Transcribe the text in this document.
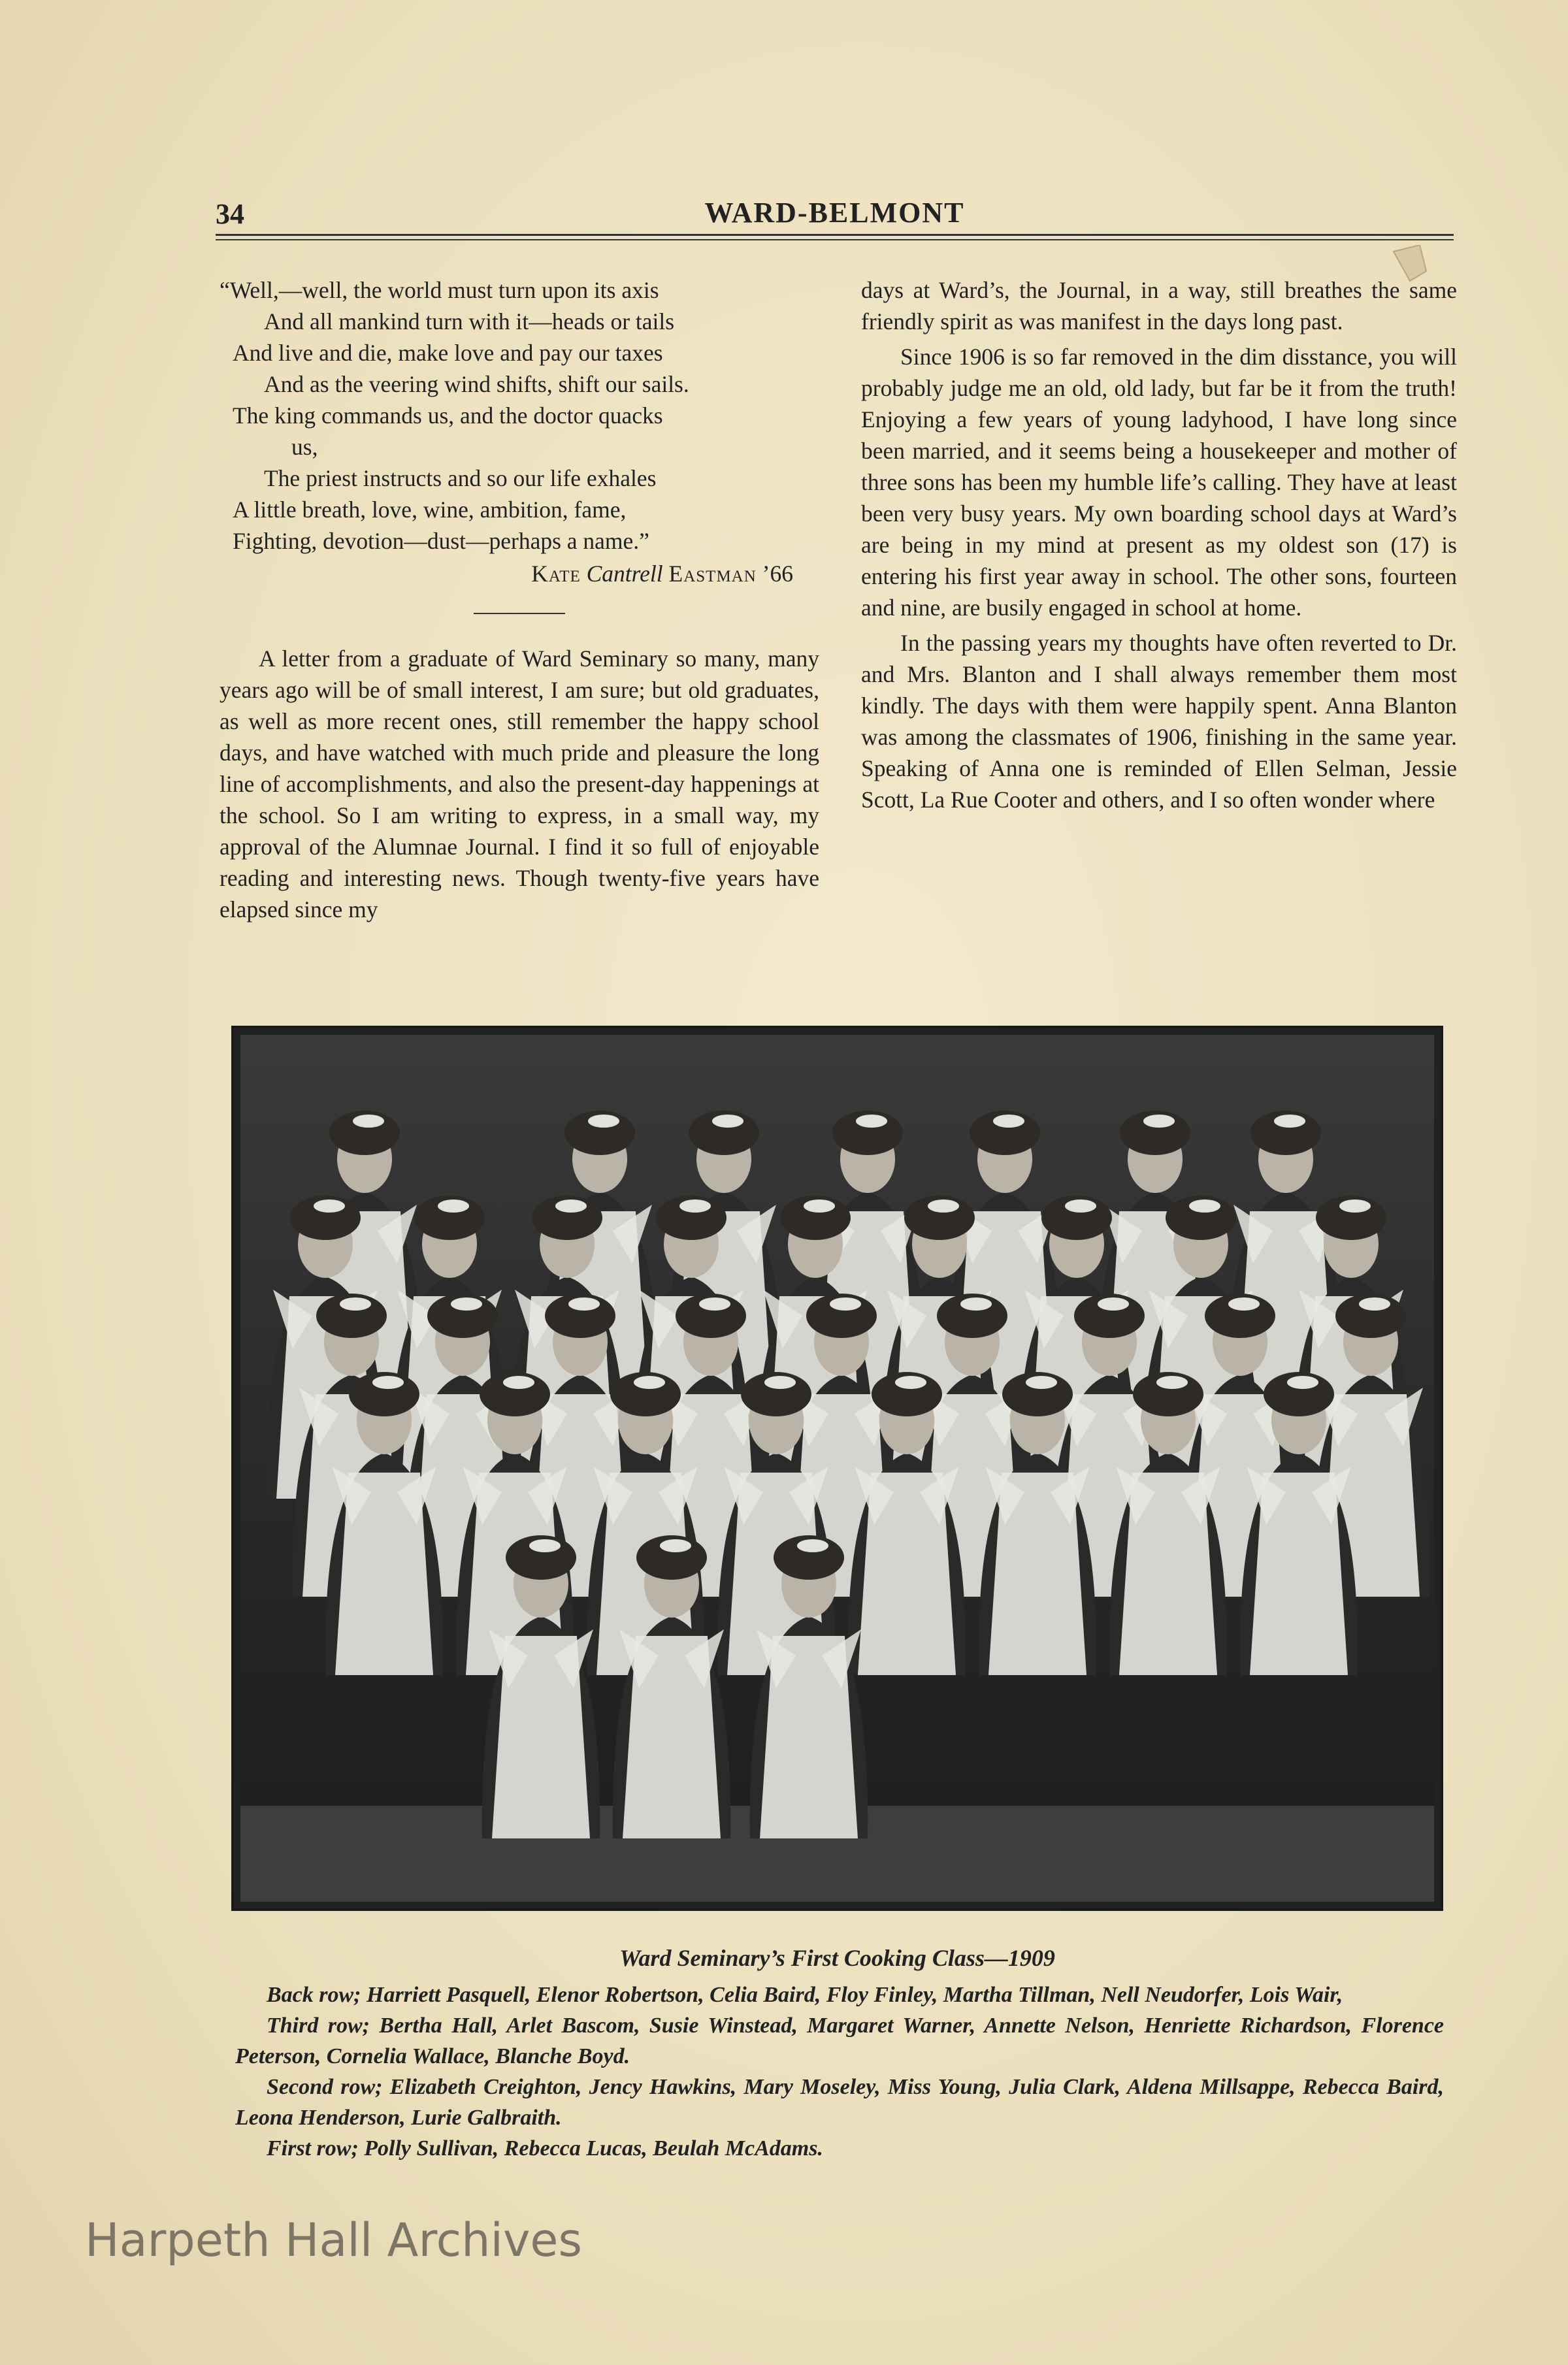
34	WARD-BELMONT
“Well,—well, the world must turn upon its axis
And all mankind turn with it—heads or tails
And live and die, make love and pay our taxes
And as the veering wind shifts, shift our sails.
The king commands us, and the doctor quacks
us,
The priest instructs and so our life exhales
A little breath, love, wine, ambition, fame,
Fighting, devotion—dust—perhaps a name.”
Kate Cantrell Eastman ’66

A letter from a graduate of Ward Seminary so many, many years ago will be of small interest, I am sure; but old graduates, as well as more recent ones, still remember the happy school days, and have watched with much pride and pleasure the long line of accomplishments, and also the present-day happenings at the school. So I am writing to express, in a small way, my approval of the Alumnae Journal. I find it so full of enjoyable reading and interesting news. Though twenty-five years have elapsed since my

days at Ward’s, the Journal, in a way, still breathes the same friendly spirit as was manifest in the days long past.

Since 1906 is so far removed in the dim disstance, you will probably judge me an old, old lady, but far be it from the truth! Enjoying a few years of young ladyhood, I have long since been married, and it seems being a housekeeper and mother of three sons has been my humble life’s calling. They have at least been very busy years. My own boarding school days at Ward’s are being in my mind at present as my oldest son (17) is entering his first year away in school. The other sons, fourteen and nine, are busily engaged in school at home.

In the passing years my thoughts have often reverted to Dr. and Mrs. Blanton and I shall always remember them most kindly. The days with them were happily spent. Anna Blanton was among the classmates of 1906, finishing in the same year. Speaking of Anna one is reminded of Ellen Selman, Jessie Scott, La Rue Cooter and others, and I so often wonder where

Ward Seminary’s First Cooking Class—1909

Back row; Harriett Pasquell, Elenor Robertson, Celia Baird, Floy Finley, Martha Tillman, Nell Neudorfer, Lois Wair,

Third row; Bertha Hall, Arlet Bascom, Susie Winstead, Margaret Warner, Annette Nelson, Henriette Richardson, Florence Peterson, Cornelia Wallace, Blanche Boyd.

Second row; Elizabeth Creighton, Jency Hawkins, Mary Moseley, Miss Young, Julia Clark, Aldena Millsappe, Rebecca Baird, Leona Henderson, Lurie Galbraith.

First row; Polly Sullivan, Rebecca Lucas, Beulah McAdams.

Harpeth Hall Archives
